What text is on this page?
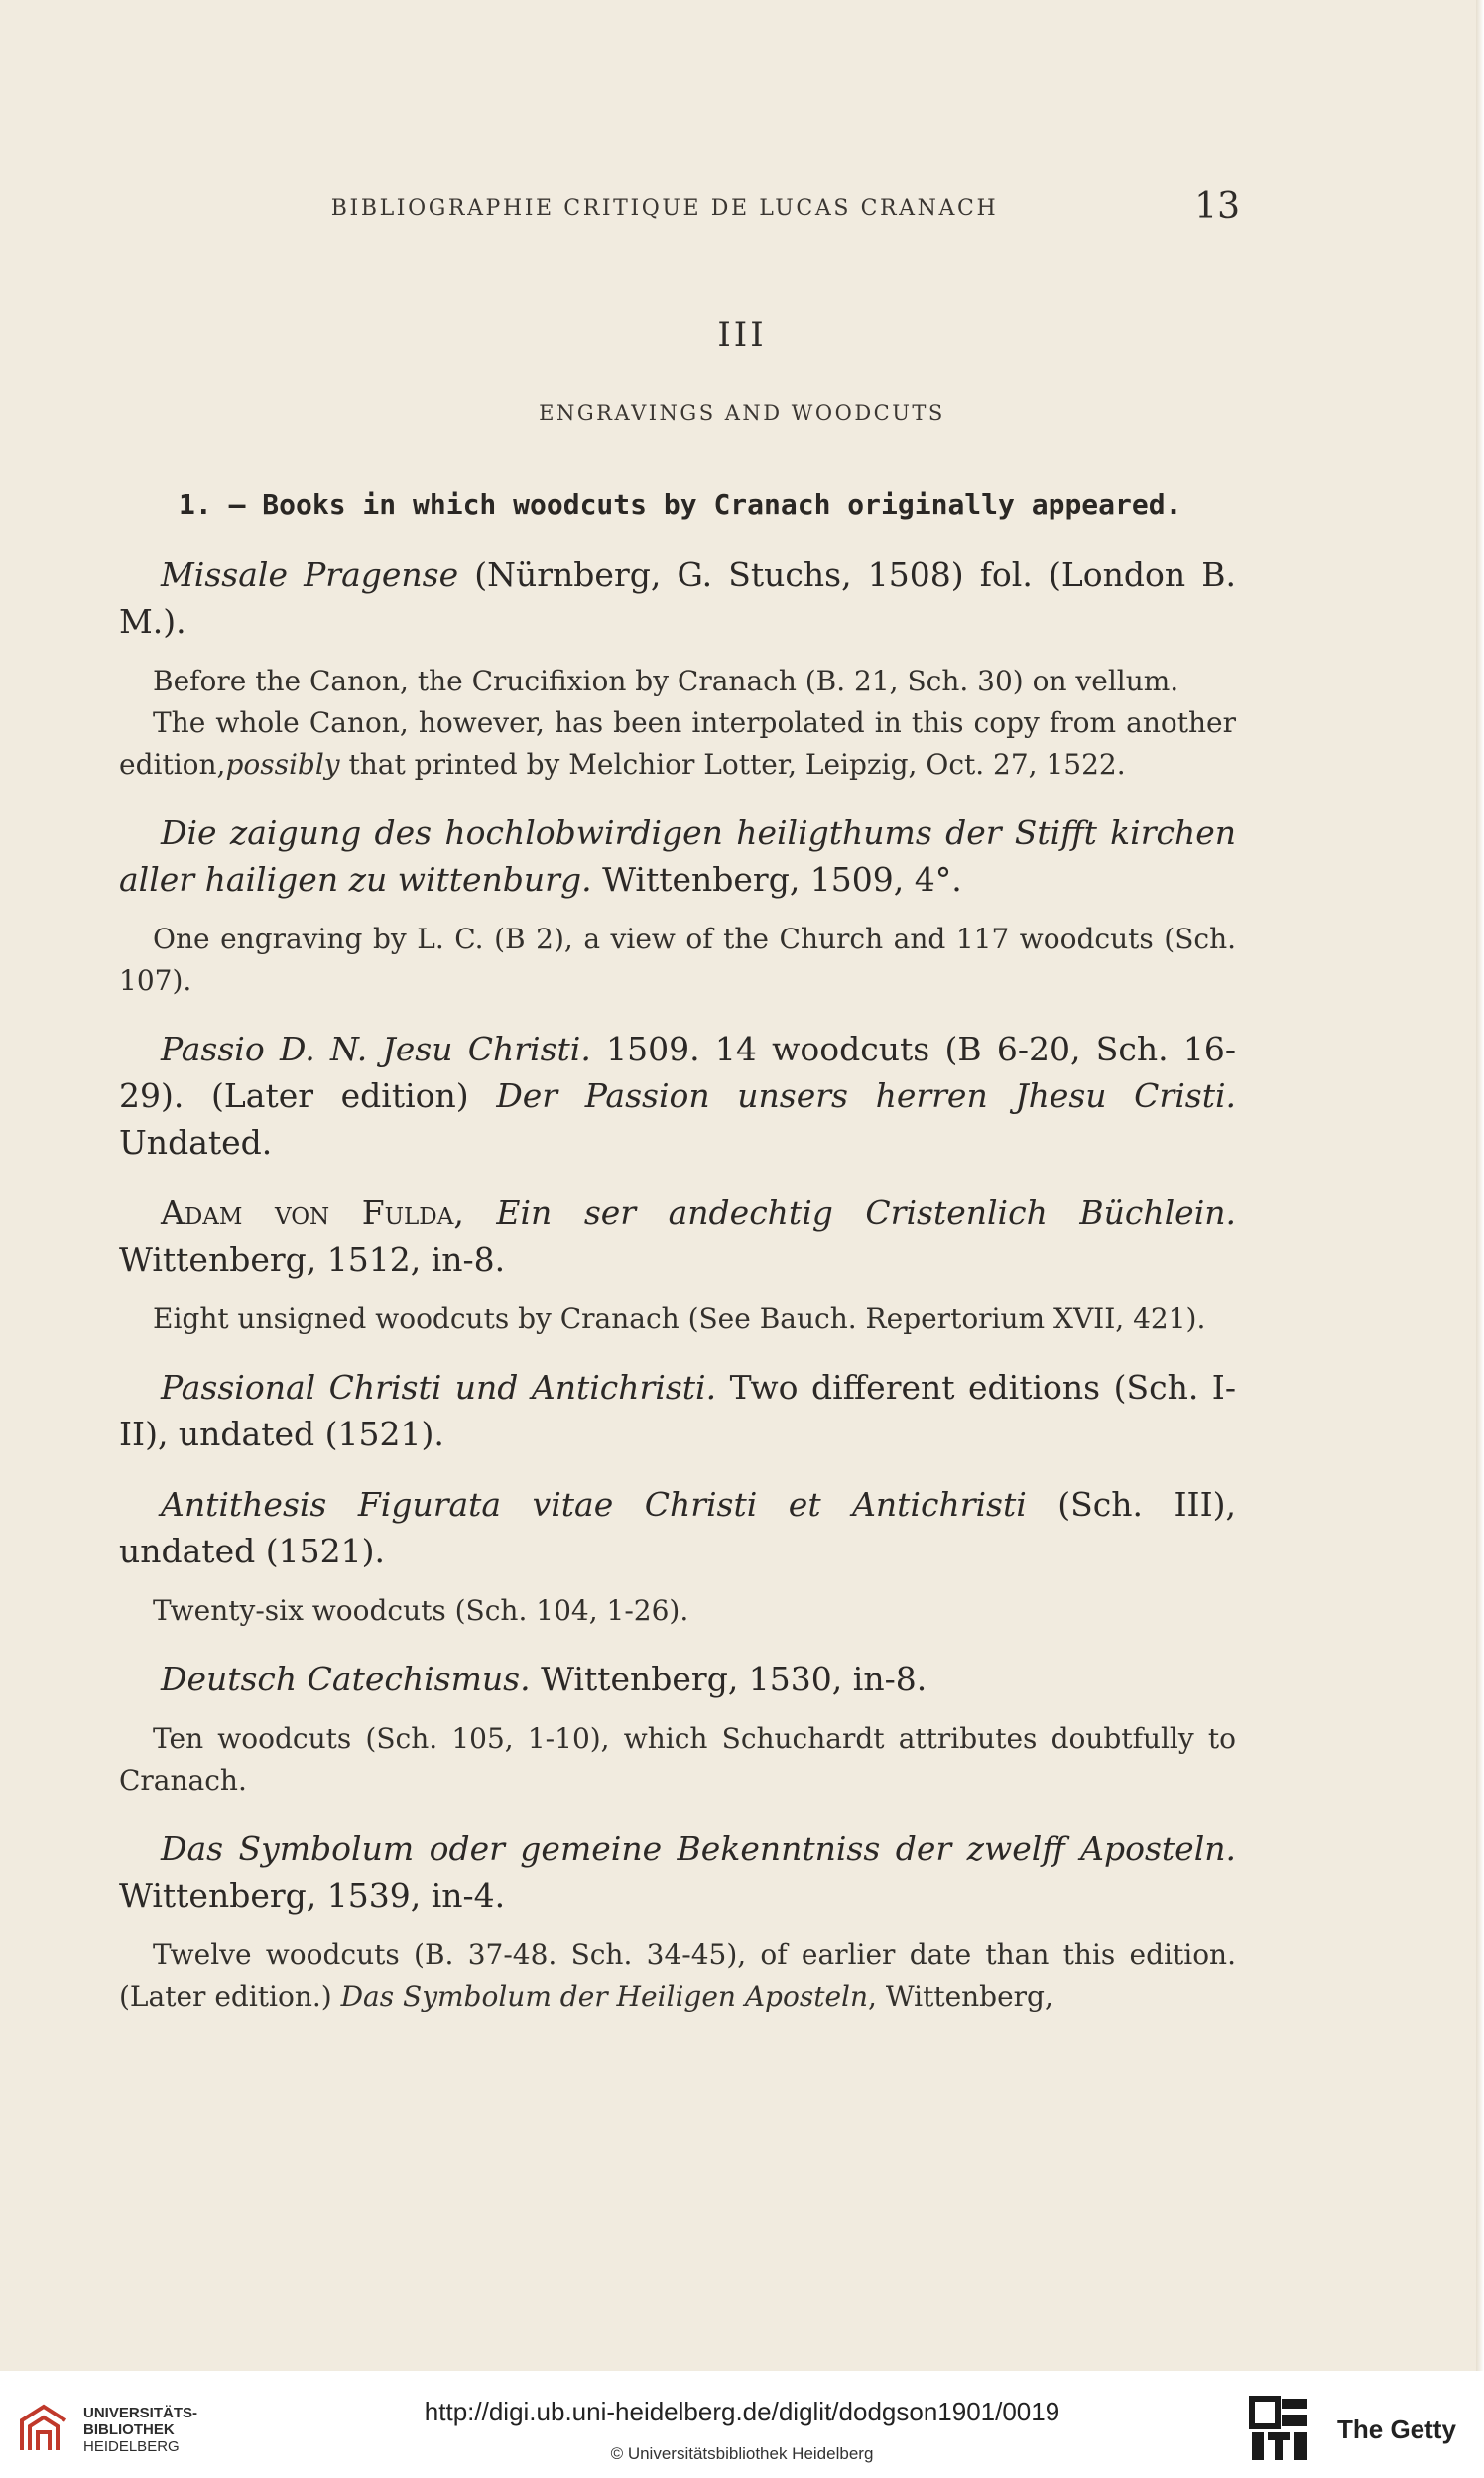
BIBLIOGRAPHIE CRITIQUE DE LUCAS CRANACH	13
III
ENGRAVINGS AND WOODCUTS
1. — Books in which woodcuts by Cranach originally appeared.

Missale Pragense (Nürnberg, G. Stuchs, 1508) fol. (London B. M.).

Before the Canon, the Crucifixion by Cranach (B. 21, Sch. 30) on vellum.

The whole Canon, however, has been interpolated in this copy from another edition,possibly that printed by Melchior Lotter, Leipzig, Oct. 27, 1522.

Die zaigung des hochlobwirdigen heiligthums der Stifft kirchen aller hailigen zu wittenburg. Wittenberg, 1509, 4°.

One engraving by L. C. (B 2), a view of the Church and 117 woodcuts (Sch. 107).

Passio D. N. Jesu Christi. 1509. 14 woodcuts (B 6-20, Sch. 16-29). (Later edition) Der Passion unsers herren Jhesu Cristi. Undated.

Adam von Fulda, Ein ser andechtig Cristenlich Büchlein. Wittenberg, 1512, in-8.

Eight unsigned woodcuts by Cranach (See Bauch. Repertorium XVII, 421).

Passional Christi und Antichristi. Two different editions (Sch. I-II), undated (1521).

Antithesis Figurata vitae Christi et Antichristi (Sch. III), undated (1521).

Twenty-six woodcuts (Sch. 104, 1-26).

Deutsch Catechismus. Wittenberg, 1530, in-8.

Ten woodcuts (Sch. 105, 1-10), which Schuchardt attributes doubtfully to Cranach.

Das Symbolum oder gemeine Bekenntniss der zwelff Aposteln. Wittenberg, 1539, in-4.

Twelve woodcuts (B. 37-48. Sch. 34-45), of earlier date than this edition. (Later edition.) Das Symbolum der Heiligen Aposteln, Wittenberg,

UNIVERSITÄTS-
BIBLIOTHEK
HEIDELBERG
http://digi.ub.uni-heidelberg.de/diglit/dodgson1901/0019
© Universitätsbibliothek Heidelberg
The Getty
